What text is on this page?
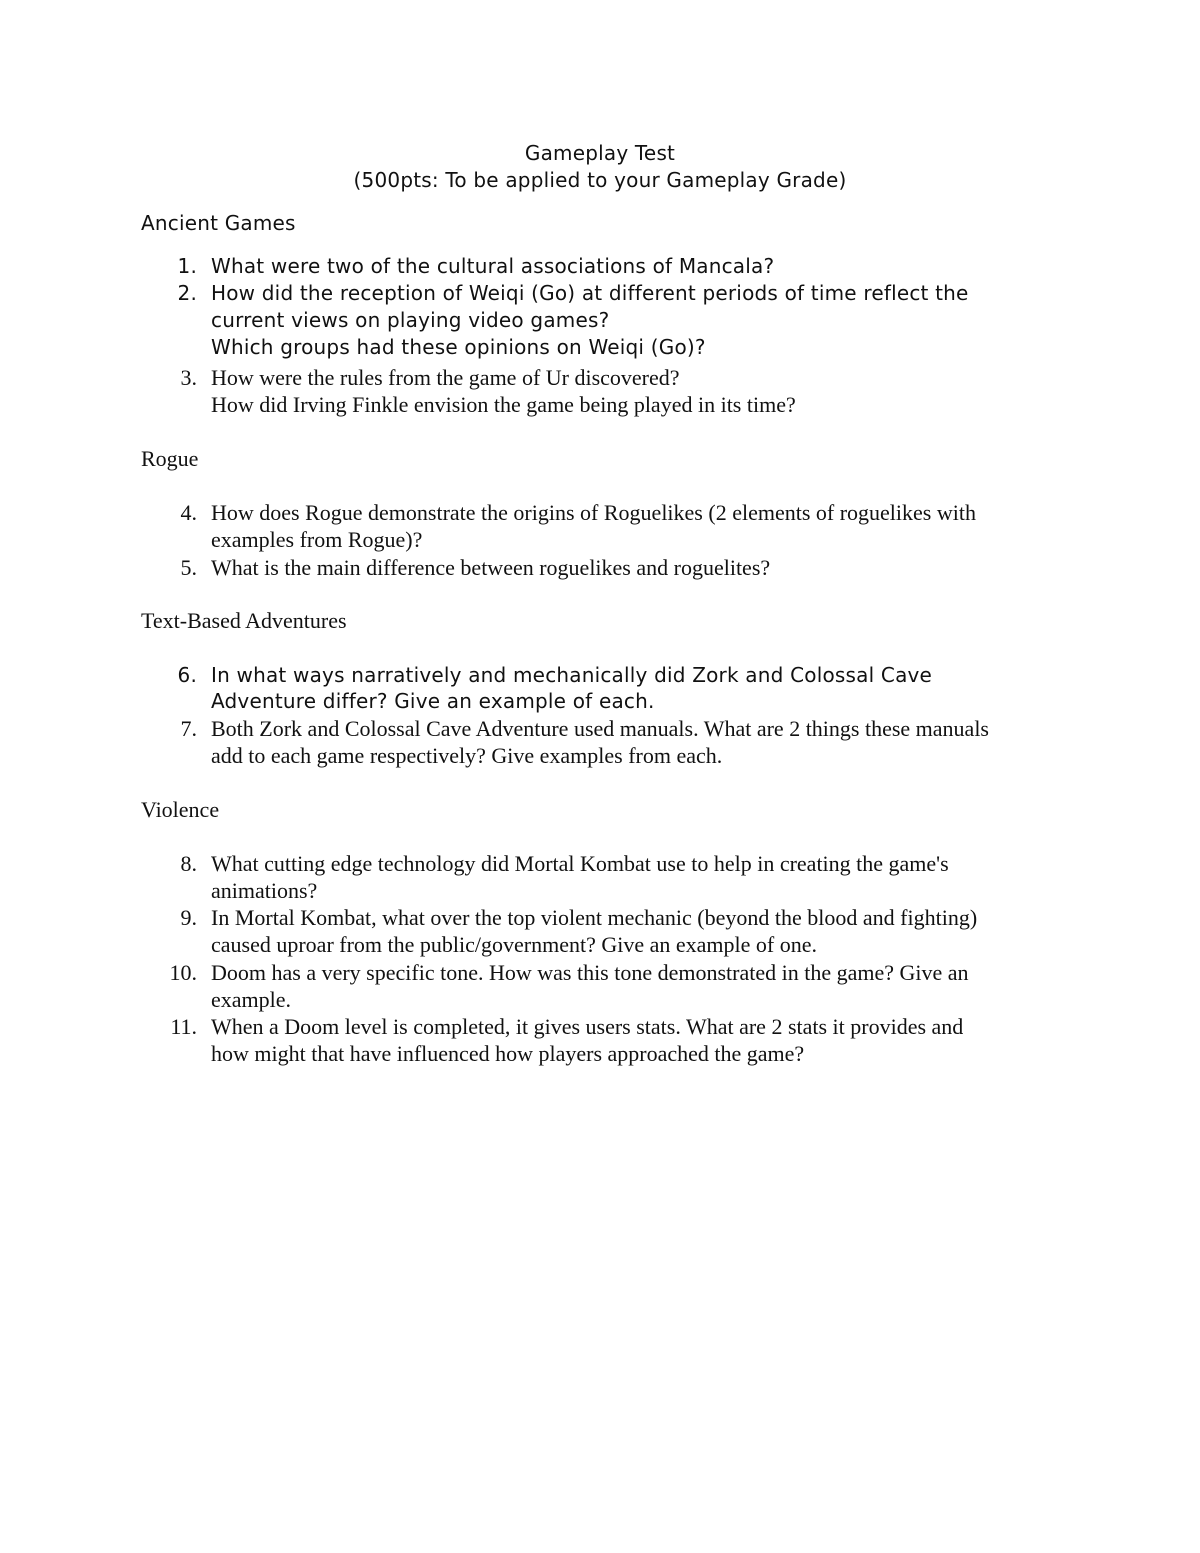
Gameplay Test
(500pts: To be applied to your Gameplay Grade)
Ancient Games
1. What were two of the cultural associations of Mancala?
2. How did the reception of Weiqi (Go) at different periods of time reflect the
current views on playing video games?
Which groups had these opinions on Weiqi (Go)?
3. How were the rules from the game of Ur discovered?
How did Irving Finkle envision the game being played in its time?
Rogue
4. How does Rogue demonstrate the origins of Roguelikes (2 elements of roguelikes with
examples from Rogue)?
5. What is the main difference between roguelikes and roguelites?
Text-Based Adventures
6. In what ways narratively and mechanically did Zork and Colossal Cave
Adventure differ? Give an example of each.
7. Both Zork and Colossal Cave Adventure used manuals. What are 2 things these manuals
add to each game respectively? Give examples from each.
Violence
8. What cutting edge technology did Mortal Kombat use to help in creating the game's
animations?
9. In Mortal Kombat, what over the top violent mechanic (beyond the blood and fighting)
caused uproar from the public/government? Give an example of one.
10. Doom has a very specific tone. How was this tone demonstrated in the game? Give an
example.
11. When a Doom level is completed, it gives users stats. What are 2 stats it provides and
how might that have influenced how players approached the game?
